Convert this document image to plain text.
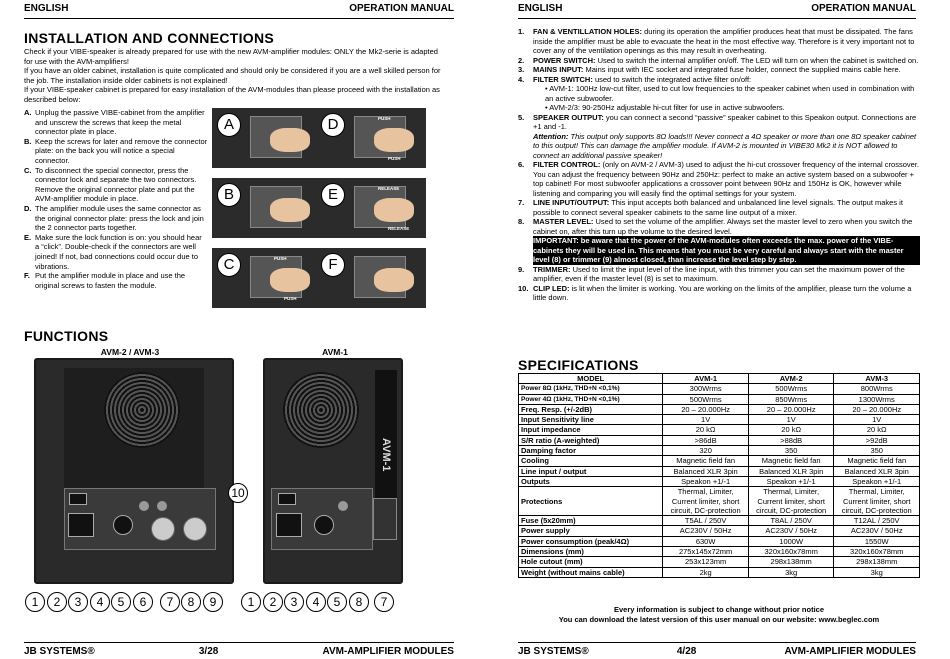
ENGLISH	OPERATION MANUAL
INSTALLATION AND CONNECTIONS
Check if your VIBE-speaker is already prepared for use with the new AVM-amplifier modules: ONLY the Mk2-serie is adapted for use with the AVM-amplifiers!
If you have an older cabinet, installation is quite complicated and should only be considered if you are a well skilled person for the job. The installation inside older cabinets is not explained!
If your VIBE-speaker cabinet is prepared for easy installation of the AVM-modules than please proceed with the installation as described below:
A. Unplug the passive VIBE-cabinet from the amplifier and unscrew the screws that keep the metal connector plate in place.
B. Keep the screws for later and remove the connector plate: on the back you will notice a special connector.
C. To disconnect the special connector, press the connector lock and separate the two connectors. Remove the original connector plate and put the AVM-amplifier module in place.
D. The amplifier module uses the same connector as the original connector plate: press the lock and join the 2 connector parts together.
E. Make sure the lock function is on: you should hear a “click”. Double-check if the connectors are well joined! If not, bad connections could occur due to vibrations.
F. Put the amplifier module in place and use the original screws to fasten the module.
A	D	PUSH
PUSH
B	E	RELEASE
RELEASE
C	PUSH
PUSH
F
FUNCTIONS
AVM-2 / AVM-3	AVM-1
AVM-1
10
1	2	3	4	5	6	7	8	9	1	2	3	4	5	8	7
JB SYSTEMS®	3/28	AVM-AMPLIFIER MODULES
ENGLISH	OPERATION MANUAL
1.	FAN & VENTILLATION HOLES: during its operation the amplifier produces heat that must be dissipated. The fans inside the amplifier must be able to evacuate the heat in the most effective way. Therefore is it very important not to cover any of the ventilation openings as this may result in overheating.
2.	POWER SWITCH: Used to switch the internal amplifier on/off. The LED will turn on when the cabinet is switched on.
3.	MAINS INPUT: Mains input with IEC socket and integrated fuse holder, connect the supplied mains cable here.
4.	FILTER SWITCH: used to switch the integrated active filter on/off:
• AVM-1: 100Hz low-cut filter, used to cut low frequencies to the speaker cabinet when used in combination with an active subwoofer.
• AVM-2/3: 90-250Hz adjustable hi-cut filter for use in active subwoofers.
5.	SPEAKER OUTPUT: you can connect a second “passive” speaker cabinet to this Speakon output. Connections are +1 and -1.
Attention: This output only supports 8Ω loads!!! Never connect a 4Ω speaker or more than one 8Ω speaker cabinet to this output! This can damage the amplifier module. If AVM-2 is mounted in VIBE30 Mk2 it is NOT allowed to connect an additional passive speaker!
6.	FILTER CONTROL: (only on AVM-2 / AVM-3) used to adjust the hi-cut crossover frequency of the internal crossover. You can adjust the frequency between 90Hz and 250Hz: perfect to make an active system based on a subwoofer + top cabinet! For most subwoofer applications a crossover point between 90Hz and 150Hz is OK, however while listening and comparing you will easily find the optimal settings for your system.
7.	LINE INPUT/OUTPUT: This input accepts both balanced and unbalanced line level signals. The output makes it possible to connect several speaker cabinets to the same line output of a mixer.
8.	MASTER LEVEL: Used to set the volume of the amplifier. Always set the master level to zero when you switch the cabinet on, after this turn up the volume to the desired level.
IMPORTANT: be aware that the power of the AVM-modules often exceeds the max. power of the VIBE-cabinets they will be used in. This means that you must be very careful and always start with the master level (8) or trimmer (9) almost closed, than increase the level step by step.
9.	TRIMMER: Used to limit the input level of the line input, with this trimmer you can set the maximum power of the amplifier, even if the master level (8) is set to maximum.
10. CLIP LED: is lit when the limiter is working. You are working on the limits of the amplifier, please turn the volume a little down.
SPECIFICATIONS
MODEL	AVM-1	AVM-2	AVM-3
Power 8Ω (1kHz, THD+N <0,1%)	300Wrms	500Wrms	800Wrms
Power 4Ω (1kHz, THD+N <0,1%)	500Wrms	850Wrms	1300Wrms
Freq. Resp. (+/-2dB)	20 – 20.000Hz	20 – 20.000Hz	20 – 20.000Hz
Input Sensitivity line	1V	1V	1V
Input impedance	20 kΩ	20 kΩ	20 kΩ
S/R ratio (A-weighted)	>86dB	>88dB	>92dB
Damping factor	320	350	350
Cooling	Magnetic field fan	Magnetic field fan	Magnetic field fan
Line input / output	Balanced XLR 3pin	Balanced XLR 3pin	Balanced XLR 3pin
Outputs	Speakon +1/-1	Speakon +1/-1	Speakon +1/-1
Protections	Thermal, Limiter, Current limiter, short circuit, DC-protection	Thermal, Limiter, Current limiter, short circuit, DC-protection	Thermal, Limiter, Current limiter, short circuit, DC-protection
Fuse (5x20mm)	T5AL / 250V	T8AL / 250V	T12AL / 250V
Power supply	AC230V / 50Hz	AC230V / 50Hz	AC230V / 50Hz
Power consumption (peak/4Ω)	630W	1000W	1550W
Dimensions (mm)	275x145x72mm	320x160x78mm	320x160x78mm
Hole cutout (mm)	253x123mm	298x138mm	298x138mm
Weight (without mains cable)	2kg	3kg	3kg
Every information is subject to change without prior notice
You can download the latest version of this user manual on our website: www.beglec.com
JB SYSTEMS®	4/28	AVM-AMPLIFIER MODULES
